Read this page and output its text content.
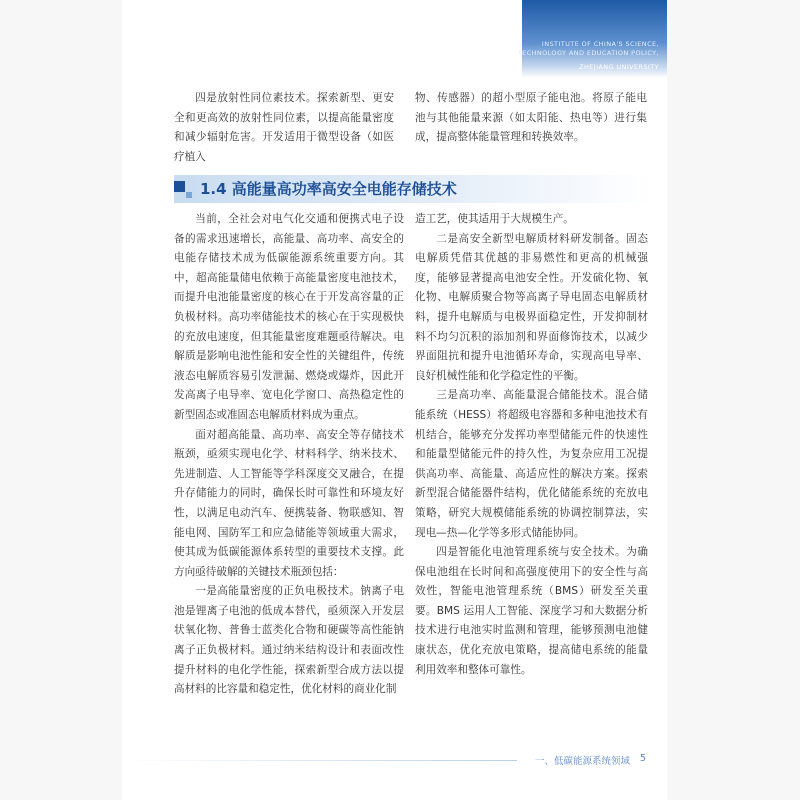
INSTITUTE OF CHINA'S SCIENCE,
TECHNOLOGY AND EDUCATION POLICY,
ZHEJIANG UNIVERSITY

四是放射性同位素技术。探索新型、更安全和更高效的放射性同位素，以提高能量密度和减少辐射危害。开发适用于微型设备（如医疗植入

物、传感器）的超小型原子能电池。将原子能电池与其他能量来源（如太阳能、热电等）进行集成，提高整体能量管理和转换效率。

1.4 高能量高功率高安全电能存储技术

当前，全社会对电气化交通和便携式电子设备的需求迅速增长，高能量、高功率、高安全的电能存储技术成为低碳能源系统重要方向。其中，超高能量储电依赖于高能量密度电池技术，而提升电池能量密度的核心在于开发高容量的正负极材料。高功率储能技术的核心在于实现极快的充放电速度，但其能量密度难题亟待解决。电解质是影响电池性能和安全性的关键组件，传统液态电解质容易引发泄漏、燃烧或爆炸，因此开发高离子电导率、宽电化学窗口、高热稳定性的新型固态或准固态电解质材料成为重点。

面对超高能量、高功率、高安全等存储技术瓶颈，亟须实现电化学、材料科学、纳米技术、先进制造、人工智能等学科深度交叉融合，在提升存储能力的同时，确保长时可靠性和环境友好性，以满足电动汽车、便携装备、物联感知、智能电网、国防军工和应急储能等领域重大需求，使其成为低碳能源体系转型的重要技术支撑。此方向亟待破解的关键技术瓶颈包括：

一是高能量密度的正负电极技术。钠离子电池是锂离子电池的低成本替代，亟须深入开发层状氧化物、普鲁士蓝类化合物和硬碳等高性能钠离子正负极材料。通过纳米结构设计和表面改性提升材料的电化学性能，探索新型合成方法以提高材料的比容量和稳定性，优化材料的商业化制

造工艺，使其适用于大规模生产。

二是高安全新型电解质材料研发制备。固态电解质凭借其优越的非易燃性和更高的机械强度，能够显著提高电池安全性。开发硫化物、氧化物、电解质聚合物等高离子导电固态电解质材料，提升电解质与电极界面稳定性，开发抑制材料不均匀沉积的添加剂和界面修饰技术，以减少界面阻抗和提升电池循环寿命，实现高电导率、良好机械性能和化学稳定性的平衡。

三是高功率、高能量混合储能技术。混合储能系统（HESS）将超级电容器和多种电池技术有机结合，能够充分发挥功率型储能元件的快速性和能量型储能元件的持久性，为复杂应用工况提供高功率、高能量、高适应性的解决方案。探索新型混合储能器件结构，优化储能系统的充放电策略，研究大规模储能系统的协调控制算法，实现电—热—化学等多形式储能协同。

四是智能化电池管理系统与安全技术。为确保电池组在长时间和高强度使用下的安全性与高效性，智能电池管理系统（BMS）研发至关重要。BMS 运用人工智能、深度学习和大数据分析技术进行电池实时监测和管理，能够预测电池健康状态，优化充放电策略，提高储电系统的能量利用效率和整体可靠性。

一、低碳能源系统领域 5
